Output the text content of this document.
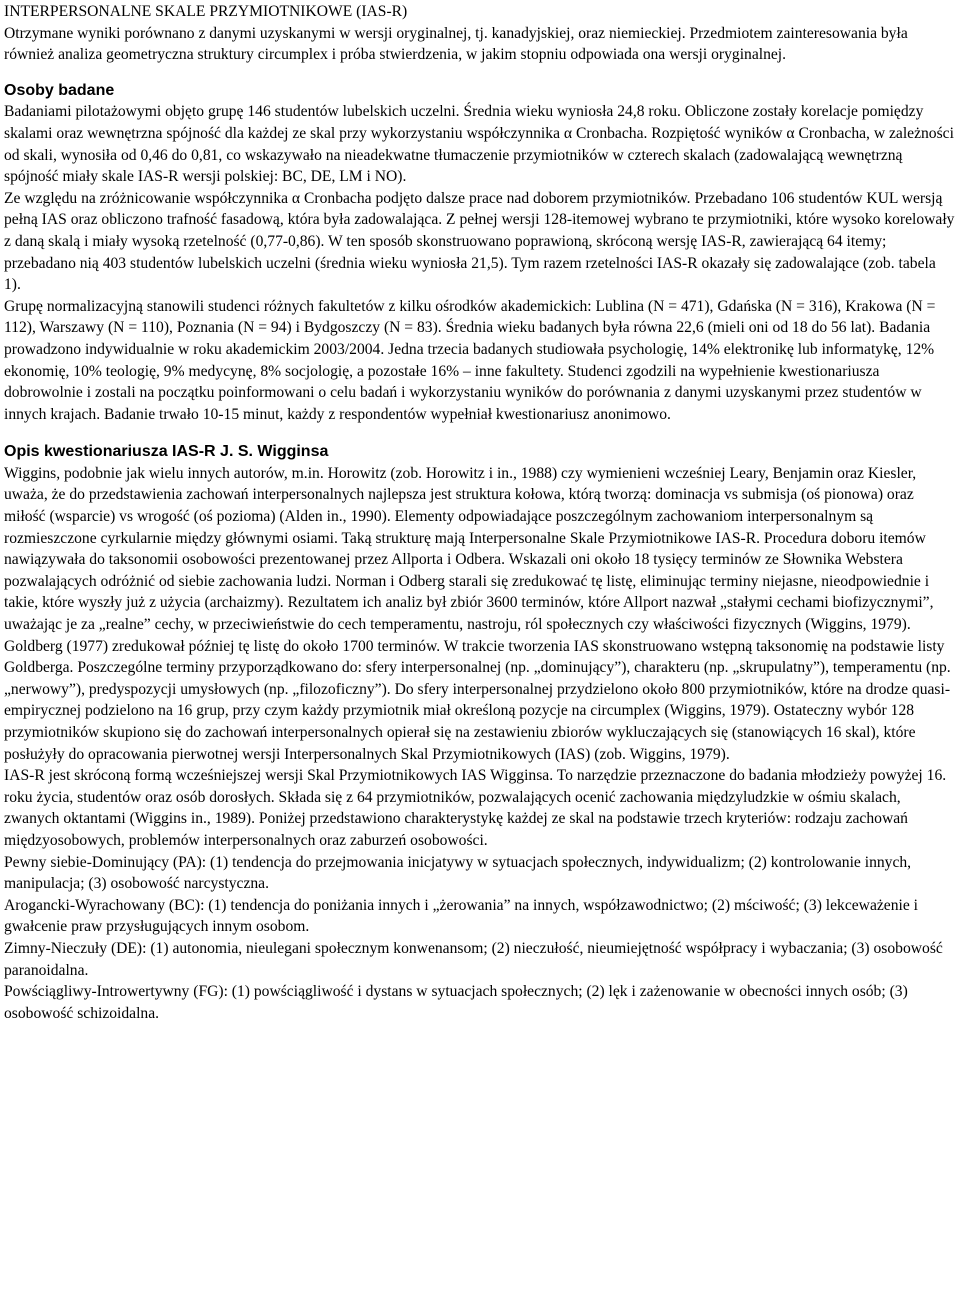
INTERPERSONALNE SKALE PRZYMIOTNIKOWE (IAS-R)

Otrzymane wyniki porównano z danymi uzyskanymi w wersji oryginalnej, tj. kanadyjskiej, oraz niemieckiej. Przedmiotem zainteresowania była również analiza geometryczna struktury circumplex i próba stwierdzenia, w jakim stopniu odpowiada ona wersji oryginalnej.

Osoby badane

Badaniami pilotażowymi objęto grupę 146 studentów lubelskich uczelni. Średnia wieku wyniosła 24,8 roku. Obliczone zostały korelacje pomiędzy skalami oraz wewnętrzna spójność dla każdej ze skal przy wykorzystaniu współczynnika α Cronbacha. Rozpiętość wyników α Cronbacha, w zależności od skali, wynosiła od 0,46 do 0,81, co wskazywało na nieadekwatne tłumaczenie przymiotników w czterech skalach (zadowalającą wewnętrzną spójność miały skale IAS-R wersji polskiej: BC, DE, LM i NO).

Ze względu na zróżnicowanie współczynnika α Cronbacha podjęto dalsze prace nad doborem przymiotników. Przebadano 106 studentów KUL wersją pełną IAS oraz obliczono trafność fasadową, która była zadowalająca. Z pełnej wersji 128-itemowej wybrano te przymiotniki, które wysoko korelowały z daną skalą i miały wysoką rzetelność (0,77-0,86). W ten sposób skonstruowano poprawioną, skróconą wersję IAS-R, zawierającą 64 itemy; przebadano nią 403 studentów lubelskich uczelni (średnia wieku wyniosła 21,5). Tym razem rzetelności IAS-R okazały się zadowalające (zob. tabela 1).

Grupę normalizacyjną stanowili studenci różnych fakultetów z kilku ośrodków akademickich: Lublina (N = 471), Gdańska (N = 316), Krakowa (N = 112), Warszawy (N = 110), Poznania (N = 94) i Bydgoszczy (N = 83). Średnia wieku badanych była równa 22,6 (mieli oni od 18 do 56 lat). Badania prowadzono indywidualnie w roku akademickim 2003/2004. Jedna trzecia badanych studiowała psychologię, 14% elektronikę lub informatykę, 12% ekonomię, 10% teologię, 9% medycynę, 8% socjologię, a pozostałe 16% – inne fakultety. Studenci zgodzili na wypełnienie kwestionariusza dobrowolnie i zostali na początku poinformowani o celu badań i wykorzystaniu wyników do porównania z danymi uzyskanymi przez studentów w innych krajach. Badanie trwało 10-15 minut, każdy z respondentów wypełniał kwestionariusz anonimowo.

Opis kwestionariusza IAS-R J. S. Wigginsa

Wiggins, podobnie jak wielu innych autorów, m.in. Horowitz (zob. Horowitz i in., 1988) czy wymienieni wcześniej Leary, Benjamin oraz Kiesler, uważa, że do przedstawienia zachowań interpersonalnych najlepsza jest struktura kołowa, którą tworzą: dominacja vs submisja (oś pionowa) oraz miłość (wsparcie) vs wrogość (oś pozioma) (Alden in., 1990). Elementy odpowiadające poszczególnym zachowaniom interpersonalnym są rozmieszczone cyrkularnie między głównymi osiami. Taką strukturę mają Interpersonalne Skale Przymiotnikowe IAS-R. Procedura doboru itemów nawiązywała do taksonomii osobowości prezentowanej przez Allporta i Odbera. Wskazali oni około 18 tysięcy terminów ze Słownika Webstera pozwalających odróżnić od siebie zachowania ludzi. Norman i Odberg starali się zredukować tę listę, eliminując terminy niejasne, nieodpowiednie i takie, które wyszły już z użycia (archaizmy). Rezultatem ich analiz był zbiór 3600 terminów, które Allport nazwał „stałymi cechami biofizycznymi”, uważając je za „realne” cechy, w przeciwieństwie do cech temperamentu, nastroju, ról społecznych czy właściwości fizycznych (Wiggins, 1979). Goldberg (1977) zredukował później tę listę do około 1700 terminów. W trakcie tworzenia IAS skonstruowano wstępną taksonomię na podstawie listy Goldberga. Poszczególne terminy przyporządkowano do: sfery interpersonalnej (np. „dominujący”), charakteru (np. „skrupulatny”), temperamentu (np. „nerwowy”), predyspozycji umysłowych (np. „filozoficzny”). Do sfery interpersonalnej przydzielono około 800 przymiotników, które na drodze quasi-empirycznej podzielono na 16 grup, przy czym każdy przymiotnik miał określoną pozycje na circumplex (Wiggins, 1979). Ostateczny wybór 128 przymiotników skupiono się do zachowań interpersonalnych opierał się na zestawieniu zbiorów wykluczających się (stanowiących 16 skal), które posłużyły do opracowania pierwotnej wersji Interpersonalnych Skal Przymiotnikowych (IAS) (zob. Wiggins, 1979).

IAS-R jest skróconą formą wcześniejszej wersji Skal Przymiotnikowych IAS Wigginsa. To narzędzie przeznaczone do badania młodzieży powyżej 16. roku życia, studentów oraz osób dorosłych. Składa się z 64 przymiotników, pozwalających ocenić zachowania międzyludzkie w ośmiu skalach, zwanych oktantami (Wiggins in., 1989). Poniżej przedstawiono charakterystykę każdej ze skal na podstawie trzech kryteriów: rodzaju zachowań międzyosobowych, problemów interpersonalnych oraz zaburzeń osobowości.

Pewny siebie-Dominujący (PA): (1) tendencja do przejmowania inicjatywy w sytuacjach społecznych, indywidualizm; (2) kontrolowanie innych, manipulacja; (3) osobowość narcystyczna.

Arogancki-Wyrachowany (BC): (1) tendencja do poniżania innych i „żerowania” na innych, współzawodnictwo; (2) mściwość; (3) lekceważenie i gwałcenie praw przysługujących innym osobom.

Zimny-Nieczuły (DE): (1) autonomia, nieulegani społecznym konwenansom; (2) nieczułość, nieumiejętność współpracy i wybaczania; (3) osobowość paranoidalna.

Powściągliwy-Introwertywny (FG): (1) powściągliwość i dystans w sytuacjach społecznych; (2) lęk i zażenowanie w obecności innych osób; (3) osobowość schizoidalna.
